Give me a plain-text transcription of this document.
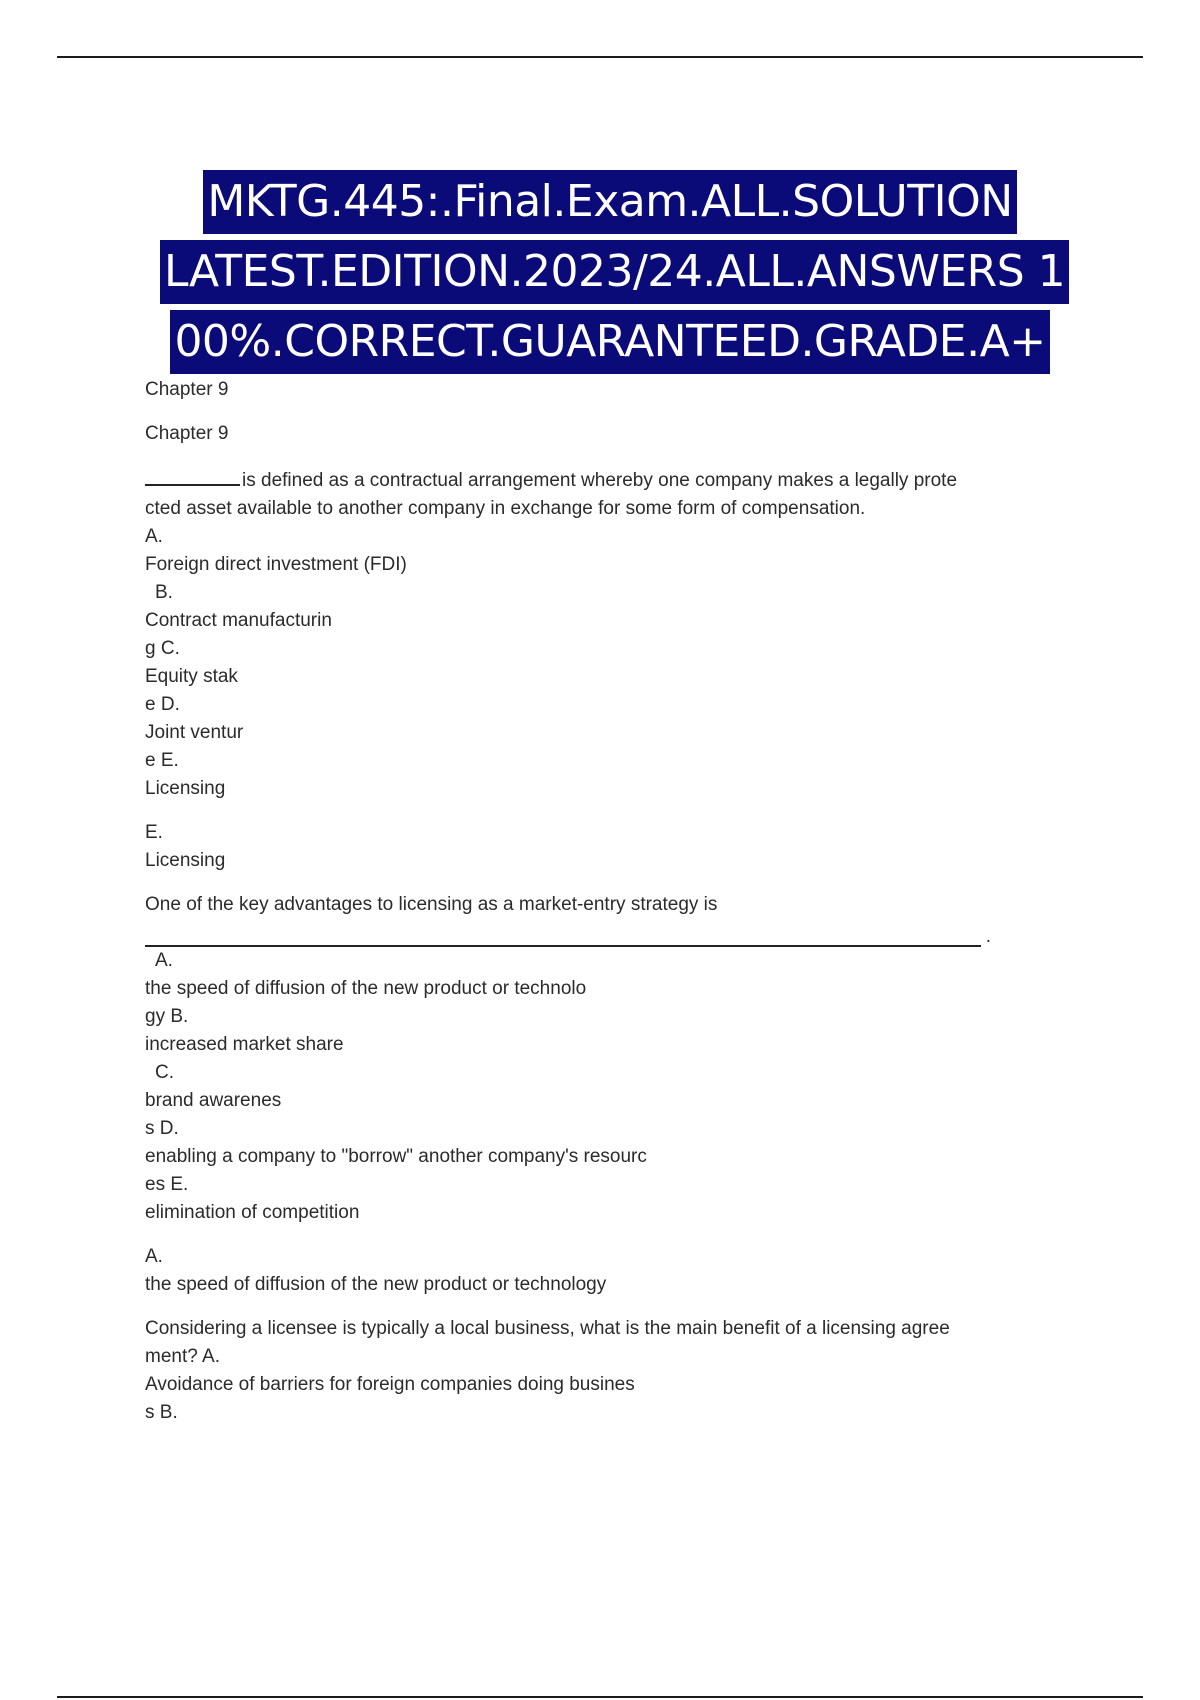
MKTG.445:.Final.Exam.ALL.SOLUTION
LATEST.EDITION.2023/24.ALL.ANSWERS 1
00%.CORRECT.GUARANTEED.GRADE.A+

Chapter 9

Chapter 9

is defined as a contractual arrangement whereby one company makes a legally prote

cted asset available to another company in exchange for some form of compensation.

A.

Foreign direct investment (FDI)

B.

Contract manufacturin

g C.

Equity stak

e D.

Joint ventur

e E.

Licensing

E.

Licensing

One of the key advantages to licensing as a market-entry strategy is

.

A.

the speed of diffusion of the new product or technolo

gy B.

increased market share

C.

brand awarenes

s D.

enabling a company to "borrow" another company's resourc

es E.

elimination of competition

A.

the speed of diffusion of the new product or technology

Considering a licensee is typically a local business, what is the main benefit of a licensing agree

ment? A.

Avoidance of barriers for foreign companies doing busines

s B.
